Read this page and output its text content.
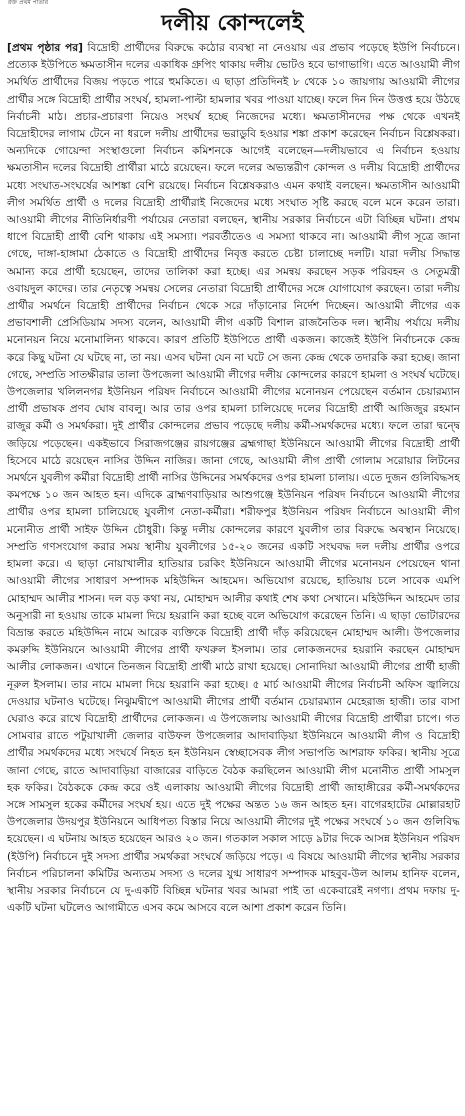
রক্ত প্রথম পাতার
দলীয় কোন্দলেই

[প্রথম পৃষ্ঠার পর] বিদ্রোহী প্রার্থীদের বিরুদ্ধে কঠোর ব্যবস্থা না নেওয়ায় এর প্রভাব পড়েছে ইউপি নির্বাচনে। প্রত্যেক ইউপিতে ক্ষমতাসীন দলের একাধিক গ্রুপিং থাকায় দলীয় ভোটও হবে ভাগাভাগি। এতে আওয়ামী লীগ সমর্থিত প্রার্থীদের বিজয় পড়তে পারে হুমকিতে। এ ছাড়া প্রতিদিনই ৮ থেকে ১০ জায়গায় আওয়ামী লীগের প্রার্থীর সঙ্গে বিদ্রোহী প্রার্থীর সংঘর্ষ, হামলা-পাল্টা হামলার খবর পাওয়া যাচ্ছে। ফলে দিন দিন উত্তপ্ত হয়ে উঠছে নির্বাচনী মাঠ। প্রচার-প্রচারণা নিয়েও সংঘর্ষ হচ্ছে নিজেদের মধ্যে। ক্ষমতাসীনদের পক্ষ থেকে এখনই বিদ্রোহীদের লাগাম টেনে না ধরলে দলীয় প্রার্থীদের ভরাডুবি হওয়ার শঙ্কা প্রকাশ করেছেন নির্বাচন বিশ্লেষকরা। অন্যদিকে গোয়েন্দা সংস্থাগুলো নির্বাচন কমিশনকে আগেই বলেছেন—দলীয়ভাবে এ নির্বাচন হওয়ায় ক্ষমতাসীন দলের বিদ্রোহী প্রার্থীরা মাঠে রয়েছেন। ফলে দলের অভ্যন্তরীণ কোন্দল ও দলীয় বিদ্রোহী প্রার্থীদের মধ্যে সংঘাত-সংঘর্ষের আশঙ্কা বেশি রয়েছে। নির্বাচন বিশ্লেষকরাও এমন কথাই বলছেন। ক্ষমতাসীন আওয়ামী লীগ সমর্থিত প্রার্থী ও দলের বিদ্রোহী প্রার্থীরাই নিজেদের মধ্যে সংঘাত সৃষ্টি করছে বলে মনে করেন তারা। আওয়ামী লীগের নীতিনির্ধারণী পর্যায়ের নেতারা বলছেন, স্থানীয় সরকার নির্বাচনে এটা বিচ্ছিন্ন ঘটনা। প্রথম ধাপে বিদ্রোহী প্রার্থী বেশি থাকায় এই সমস্যা। পরবর্তীতেও এ সমস্যা থাকবে না। আওয়ামী লীগ সূত্রে জানা গেছে, দাঙ্গা-হাঙ্গামা ঠেকাতে ও বিদ্রোহী প্রার্থীদের নিবৃত্ত করতে চেষ্টা চালাচ্ছে দলটি। যারা দলীয় সিদ্ধান্ত অমান্য করে প্রার্থী হয়েছেন, তাদের তালিকা করা হচ্ছে। এর সমন্বয় করছেন সড়ক পরিবহন ও সেতুমন্ত্রী ওবায়দুল কাদের। তার নেতৃত্বে সমন্বয় সেলের নেতারা বিদ্রোহী প্রার্থীদের সঙ্গে যোগাযোগ করছেন। তারা দলীয় প্রার্থীর সমর্থনে বিদ্রোহী প্রার্থীদের নির্বাচন থেকে সরে দাঁড়ানোর নির্দেশ দিচ্ছেন। আওয়ামী লীগের এক প্রভাবশালী প্রেসিডিয়াম সদস্য বলেন, আওয়ামী লীগ একটি বিশাল রাজনৈতিক দল। স্থানীয় পর্যায়ে দলীয় মনোনয়ন নিয়ে মনোমালিন্য থাকবে। কারণ প্রতিটি ইউপিতে প্রার্থী একজন। কাজেই ইউপি নির্বাচনকে কেন্দ্র করে কিছু ঘটনা যে ঘটছে না, তা নয়। এসব ঘটনা যেন না ঘটে সে জন্য কেন্দ্র থেকে তদারকি করা হচ্ছে। জানা গেছে, সম্প্রতি সাতক্ষীরার তালা উপজেলা আওয়ামী লীগের দলীয় কোন্দলের কারণে হামলা ও সংঘর্ষ ঘটেছে। উপজেলার খলিলনগর ইউনিয়ন পরিষদ নির্বাচনে আওয়ামী লীগের মনোনয়ন পেয়েছেন বর্তমান চেয়ারম্যান প্রার্থী প্রভাষক প্রণব ঘোষ বাবলু। আর তার ওপর হামলা চালিয়েছে দলের বিদ্রোহী প্রার্থী আজিজুর রহমান রাজুর কর্মী ও সমর্থকরা। দুই প্রার্থীর কোন্দলের প্রভাব পড়েছে দলীয় কর্মী-সমর্থকদের মধ্যে। ফলে তারা দ্বন্দ্বে জড়িয়ে পড়েছেন। একইভাবে সিরাজগঞ্জের রায়গঞ্জের ব্রহ্মগাছা ইউনিয়নে আওয়ামী লীগের বিদ্রোহী প্রার্থী হিসেবে মাঠে রয়েছেন নাসির উদ্দিন নাজির। জানা গেছে, আওয়ামী লীগ প্রার্থী গোলাম সরোয়ার লিটনের সমর্থনে যুবলীগ কর্মীরা বিদ্রোহী প্রার্থী নাসির উদ্দিনের সমর্থকদের ওপর হামলা চালায়। এতে দুজন গুলিবিদ্ধসহ কমপক্ষে ১০ জন আহত হন। এদিকে ব্রাহ্মণবাড়িয়ার আশুগঞ্জে ইউনিয়ন পরিষদ নির্বাচনে আওয়ামী লীগের প্রার্থীর ওপর হামলা চালিয়েছে যুবলীগ নেতা-কর্মীরা। শরীফপুর ইউনিয়ন পরিষদ নির্বাচনে আওয়ামী লীগ মনোনীত প্রার্থী সাইফ উদ্দিন চৌধুরী। কিন্তু দলীয় কোন্দলের কারণে যুবলীগ তার বিরুদ্ধে অবস্থান নিয়েছে। সম্প্রতি গণসংযোগ করার সময় স্থানীয় যুবলীগের ১৫-২০ জনের একটি সংঘবদ্ধ দল দলীয় প্রার্থীর ওপরে হামলা করে। এ ছাড়া নোয়াখালীর হাতিয়ার চরকিং ইউনিয়নে আওয়ামী লীগের মনোনয়ন পেয়েছেন থানা আওয়ামী লীগের সাধারণ সম্পাদক মহিউদ্দিন আহমেদ। অভিযোগ রয়েছে, হাতিয়ায় চলে সাবেক এমপি মোহাম্মদ আলীর শাসন। দল বড় কথা নয়, মোহাম্মদ আলীর কথাই শেষ কথা সেখানে। মহিউদ্দিন আহমেদ তার অনুসারী না হওয়ায় তাকে মামলা দিয়ে হয়রানি করা হচ্ছে বলে অভিযোগ করেছেন তিনি। এ ছাড়া ভোটারদের বিভ্রান্ত করতে মহিউদ্দিন নামে আরেক ব্যক্তিকে বিদ্রোহী প্রার্থী দাঁড় করিয়েছেন মোহাম্মদ আলী। উপজেলার কমরুদ্দি ইউনিয়নে আওয়ামী লীগের প্রার্থী ফখরুল ইসলাম। তার লোকজনদের হয়রানি করছেন মোহাম্মদ আলীর লোকজন। এখানে তিনজন বিদ্রোহী প্রার্থী মাঠে রাখা হয়েছে। সোনাদিয়া আওয়ামী লীগের প্রার্থী হাজী নূরুল ইসলাম। তার নামে মামলা দিয়ে হয়রানি করা হচ্ছে। ৫ মার্চ আওয়ামী লীগের নির্বাচনী অফিস জ্বালিয়ে দেওয়ার ঘটনাও ঘটেছে। নিঝুমদ্বীপে আওয়ামী লীগের প্রার্থী বর্তমান চেয়ারম্যান মেহেরাজ হাজী। তার বাসা ঘেরাও করে রাখে বিদ্রোহী প্রার্থীদের লোকজন। এ উপজেলায় আওয়ামী লীগের বিদ্রোহী প্রার্থীরা চাপে। গত সোমবার রাতে পটুয়াখালী জেলার বাউফল উপজেলার আদাবাড়িয়া ইউনিয়নে আওয়ামী লীগ ও বিদ্রোহী প্রার্থীর সমর্থকদের মধ্যে সংঘর্ষে নিহত হন ইউনিয়ন স্বেচ্ছাসেবক লীগ সভাপতি আশরাফ ফকির। স্থানীয় সূত্রে জানা গেছে, রাতে আদাবাড়িয়া বাজারের বাড়িতে বৈঠক করছিলেন আওয়ামী লীগ মনোনীত প্রার্থী সামসুল হক ফকির। বৈঠককে কেন্দ্র করে ওই এলাকায় আওয়ামী লীগের বিদ্রোহী প্রার্থী জাহাঙ্গীরের কর্মী-সমর্থকদের সঙ্গে সামসুল হকের কর্মীদের সংঘর্ষ হয়। এতে দুই পক্ষের অন্তত ১৬ জন আহত হন। বাগেরহাটের মোল্লারহাট উপজেলার উদয়পুর ইউনিয়নে আধিপত্য বিস্তার নিয়ে আওয়ামী লীগের দুই পক্ষের সংঘর্ষে ১০ জন গুলিবিদ্ধ হয়েছেন। এ ঘটনায় আহত হয়েছেন আরও ২০ জন। গতকাল সকাল সাড়ে ৯টার দিকে আসন্ন ইউনিয়ন পরিষদ (ইউপি) নির্বাচনে দুই সদস্য প্রার্থীর সমর্থকরা সংঘর্ষে জড়িয়ে পড়ে। এ বিষয়ে আওয়ামী লীগের স্থানীয় সরকার নির্বাচন পরিচালনা কমিটির অন্যতম সদস্য ও দলের যুগ্ম সাধারণ সম্পাদক মাহবুব-উল আলম হানিফ বলেন, স্থানীয় সরকার নির্বাচনে যে দু-একটি বিচ্ছিন্ন ঘটনার খবর আমরা পাই তা একেবারেই নগণ্য। প্রথম দফায় দু-একটি ঘটনা ঘটলেও আগামীতে এসব কমে আসবে বলে আশা প্রকাশ করেন তিনি।
